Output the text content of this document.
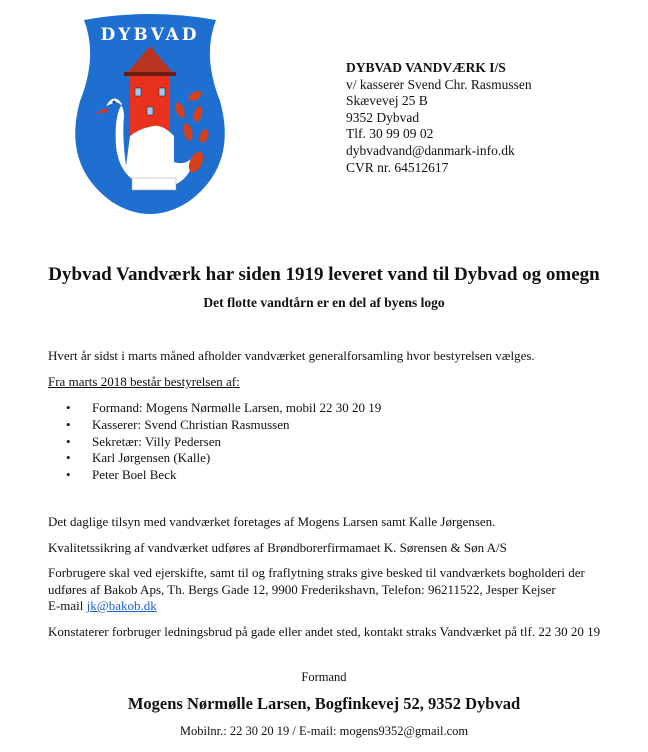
DYBVAD
DYBVAD VANDVÆRK I/S
v/ kasserer Svend Chr. Rasmussen
Skævevej 25 B
9352 Dybvad
Tlf. 30 99 09 02
dybvadvand@danmark-info.dk
CVR nr. 64512617
Dybvad Vandværk har siden 1919 leveret vand til Dybvad og omegn
Det flotte vandtårn er en del af byens logo

Hvert år sidst i marts måned afholder vandværket generalforsamling hvor bestyrelsen vælges.

Fra marts 2018 består bestyrelsen af:

• Formand: Mogens Nørmølle Larsen, mobil 22 30 20 19
• Kasserer: Svend Christian Rasmussen
• Sekretær: Villy Pedersen
• Karl Jørgensen (Kalle)
• Peter Boel Beck

Det daglige tilsyn med vandværket foretages af Mogens Larsen samt Kalle Jørgensen.

Kvalitetssikring af vandværket udføres af Brøndborerfirmamaet K. Sørensen & Søn A/S

Forbrugere skal ved ejerskifte, samt til og fraflytning straks give besked til vandværkets bogholderi der
udføres af Bakob Aps, Th. Bergs Gade 12, 9900 Frederikshavn, Telefon: 96211522, Jesper Kejser
E-mail jk@bakob.dk

Konstaterer forbruger ledningsbrud på gade eller andet sted, kontakt straks Vandværket på tlf. 22 30 20 19

Formand
Mogens Nørmølle Larsen, Bogfinkevej 52, 9352 Dybvad
Mobilnr.: 22 30 20 19 / E-mail: mogens9352@gmail.com
